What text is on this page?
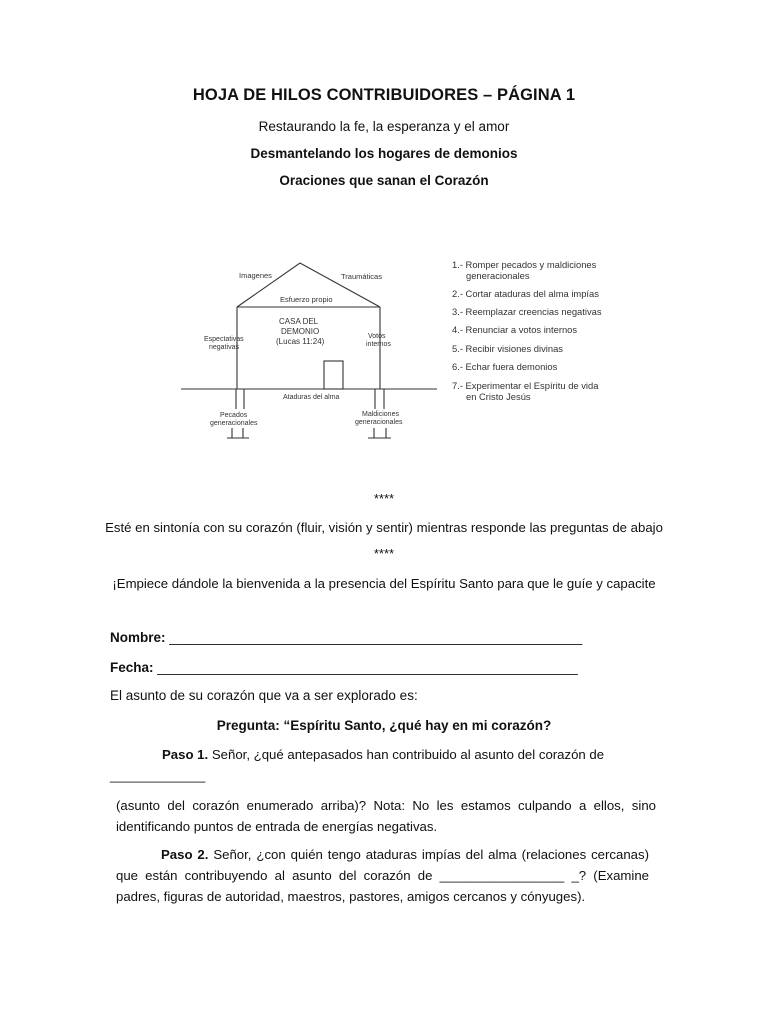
HOJA DE HILOS CONTRIBUIDORES – PÁGINA 1
Restaurando la fe, la esperanza y el amor
Desmantelando los hogares de demonios
Oraciones que sanan el Corazón
Imagenes	Traumáticas
Esfuerzo propio
Espectativas
negativas
CASA DEL
DEMONIO
(Lucas 11:24)
Votos
internos
Ataduras del alma
Pecados
generacionales
Maldiciones
generacionales
1.- Romper pecados y maldiciones
generacionales
2.- Cortar ataduras del alma impías
3.- Reemplazar creencias negativas
4.- Renunciar a votos internos
5.- Recibir visiones divinas
6.- Echar fuera demonios
7.- Experimentar el Espíritu de vida
en Cristo Jesús
****
Esté en sintonía con su corazón (fluir, visión y sentir) mientras responde las preguntas de abajo
****
¡Empiece dándole la bienvenida a la presencia del Espíritu Santo para que le guíe y capacite
Nombre: _______________________________________________________
Fecha: ________________________________________________________
El asunto de su corazón que va a ser explorado es:
Pregunta: “Espíritu Santo, ¿qué hay en mi corazón?
Paso 1. Señor, ¿qué antepasados han contribuido al asunto del corazón de
_____________
(asunto del corazón enumerado arriba)? Nota: No les estamos culpando a ellos, sino identificando puntos de entrada de energías negativas.
Paso 2. Señor, ¿con quién tengo ataduras impías del alma (relaciones cercanas) que están contribuyendo al asunto del corazón de _________________ _? (Examine padres, figuras de autoridad, maestros, pastores, amigos cercanos y cónyuges).
